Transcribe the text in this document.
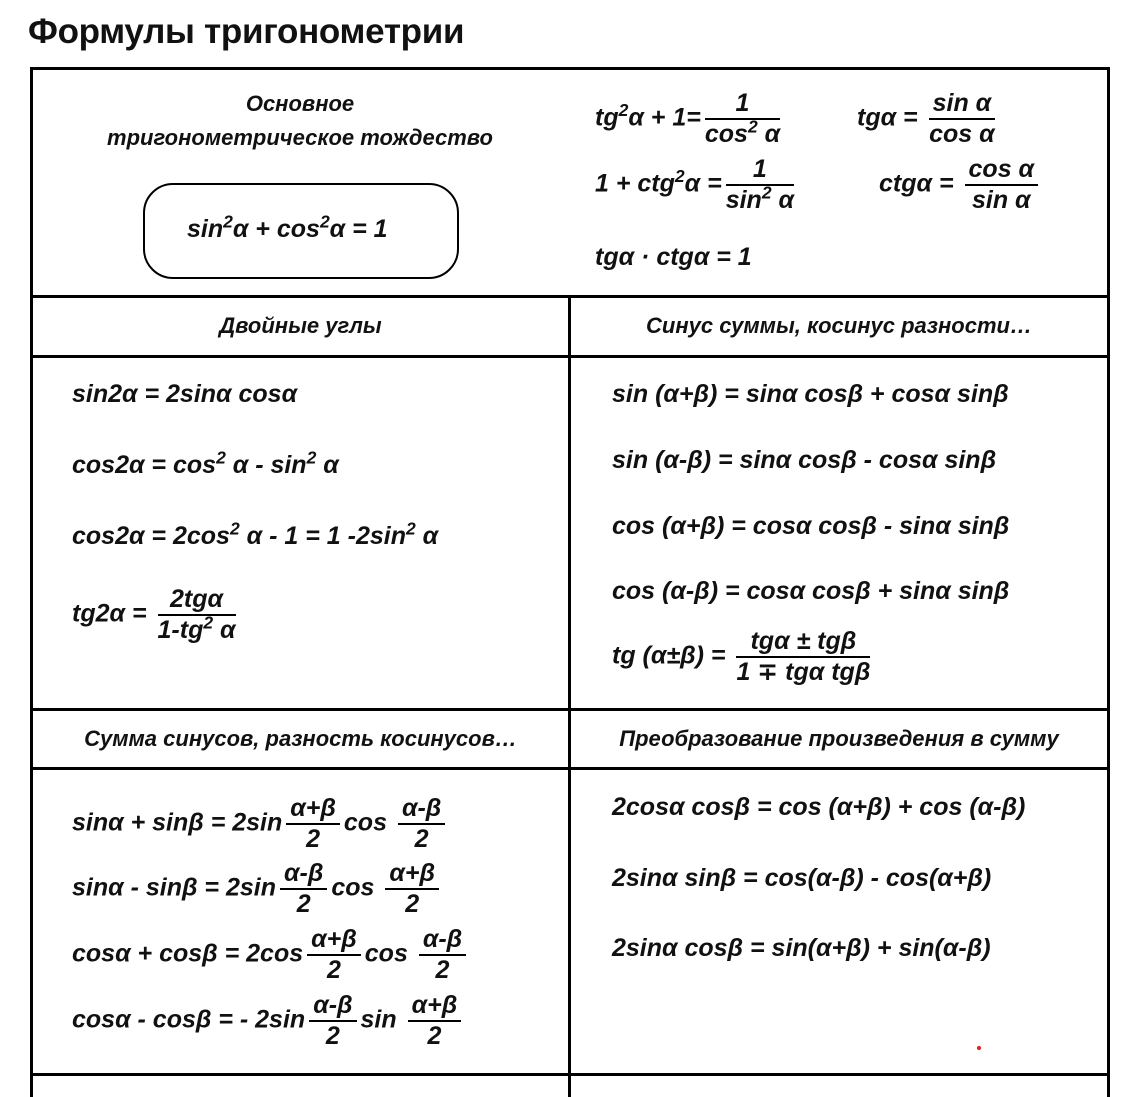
Формулы тригонометрии
Основное
тригонометрическое тождество
$\sin^2\alpha + \cos^2\alpha = 1$
$tg^2\alpha + 1= \frac{1}{\cos^2 \alpha}$	$tg\alpha = \frac{\text{sin α}}{\text{cos α}}$
$1 + ctg^2\alpha = \frac{1}{\sin^2 \alpha}$	$ctg\alpha = \frac{\text{cos α}}{\text{sin α}}$
tgα · ctgα = 1
Двойные углы	Синус суммы, косинус разности…
sin2α = 2sinα cosα
$\cos 2\alpha = \cos^2 \alpha - \sin^2 \alpha$
$\cos 2\alpha = 2\cos^2$ α - 1 = 1 $-2\sin^2$ α
$tg2\alpha = \frac{\text{2tgα}}{1-tg^2 \alpha}$
sin (α+β) = sinα cosβ + cosα sinβ
sin (α-β) = sinα cosβ - cosα sinβ
cos (α+β) = cosα cosβ - sinα sinβ
cos (α-β) = cosα cosβ + sinα sinβ
tg $(\alpha\pm\beta) = \frac{\text{tgα ± tgβ}}{\text{1 ∓ tgα tgβ}}$
Сумма синусов, разность косинусов…	Преобразование произведения в сумму
$\sin\alpha + \sin\beta = 2\sin \frac{\alpha+\beta}{2}$ $\cos \frac{\alpha-\beta}{2}$
$\sin\alpha - \sin\beta = 2\sin \frac{\alpha-\beta}{2}$ $\cos \frac{\alpha+\beta}{2}$
$\cos\alpha + \cos\beta = 2\cos \frac{\alpha+\beta}{2}$ $\cos \frac{\alpha-\beta}{2}$
cosα - cosβ = - $2\sin \frac{\alpha-\beta}{2}$ $\sin \frac{\alpha+\beta}{2}$
2cosα cosβ = cos (α+β) + cos (α-β)
2sinα sinβ = cos(α-β) - cos(α+β)
2sinα cosβ = sin(α+β) + sin(α-β)
